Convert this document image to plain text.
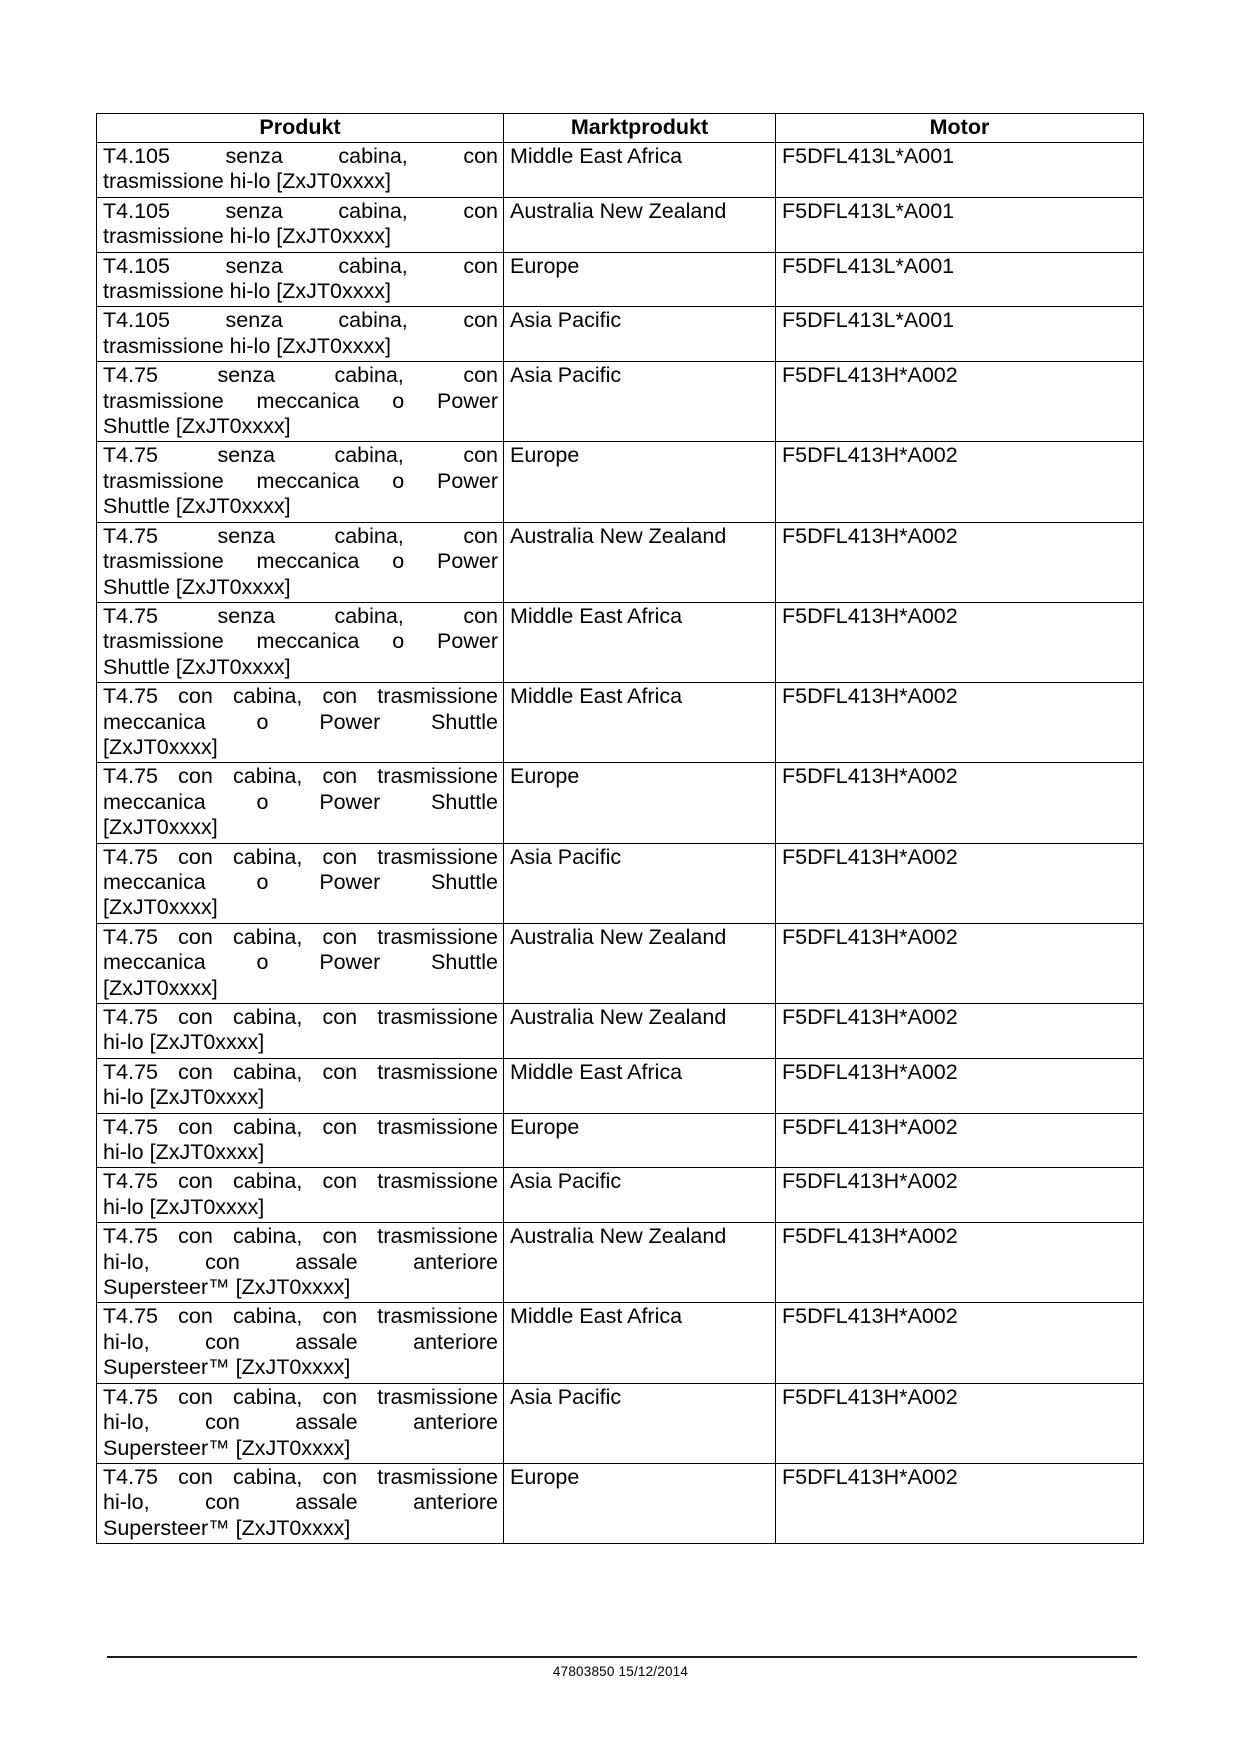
Produkt	Marktprodukt	Motor

T4.105 senza cabina, con
trasmissione hi-lo [ZxJT0xxxx]	Middle East Africa	F5DFL413L*A001

T4.105 senza cabina, con
trasmissione hi-lo [ZxJT0xxxx]	Australia New Zealand	F5DFL413L*A001

T4.105 senza cabina, con
trasmissione hi-lo [ZxJT0xxxx]	Europe	F5DFL413L*A001

T4.105 senza cabina, con
trasmissione hi-lo [ZxJT0xxxx]	Asia Pacific	F5DFL413L*A001

T4.75 senza cabina, con
trasmissione meccanica o Power
Shuttle [ZxJT0xxxx]	Asia Pacific	F5DFL413H*A002

T4.75 senza cabina, con
trasmissione meccanica o Power
Shuttle [ZxJT0xxxx]	Europe	F5DFL413H*A002

T4.75 senza cabina, con
trasmissione meccanica o Power
Shuttle [ZxJT0xxxx]	Australia New Zealand	F5DFL413H*A002

T4.75 senza cabina, con
trasmissione meccanica o Power
Shuttle [ZxJT0xxxx]	Middle East Africa	F5DFL413H*A002

T4.75 con cabina, con trasmissione
meccanica o Power Shuttle
[ZxJT0xxxx]	Middle East Africa	F5DFL413H*A002

T4.75 con cabina, con trasmissione
meccanica o Power Shuttle
[ZxJT0xxxx]	Europe	F5DFL413H*A002

T4.75 con cabina, con trasmissione
meccanica o Power Shuttle
[ZxJT0xxxx]	Asia Pacific	F5DFL413H*A002

T4.75 con cabina, con trasmissione
meccanica o Power Shuttle
[ZxJT0xxxx]	Australia New Zealand	F5DFL413H*A002

T4.75 con cabina, con trasmissione
hi-lo [ZxJT0xxxx]	Australia New Zealand	F5DFL413H*A002

T4.75 con cabina, con trasmissione
hi-lo [ZxJT0xxxx]	Middle East Africa	F5DFL413H*A002

T4.75 con cabina, con trasmissione
hi-lo [ZxJT0xxxx]	Europe	F5DFL413H*A002

T4.75 con cabina, con trasmissione
hi-lo [ZxJT0xxxx]	Asia Pacific	F5DFL413H*A002

T4.75 con cabina, con trasmissione
hi-lo, con assale anteriore
Supersteer™ [ZxJT0xxxx]	Australia New Zealand	F5DFL413H*A002

T4.75 con cabina, con trasmissione
hi-lo, con assale anteriore
Supersteer™ [ZxJT0xxxx]	Middle East Africa	F5DFL413H*A002

T4.75 con cabina, con trasmissione
hi-lo, con assale anteriore
Supersteer™ [ZxJT0xxxx]	Asia Pacific	F5DFL413H*A002

T4.75 con cabina, con trasmissione
hi-lo, con assale anteriore
Supersteer™ [ZxJT0xxxx]	Europe	F5DFL413H*A002
47803850 15/12/2014
